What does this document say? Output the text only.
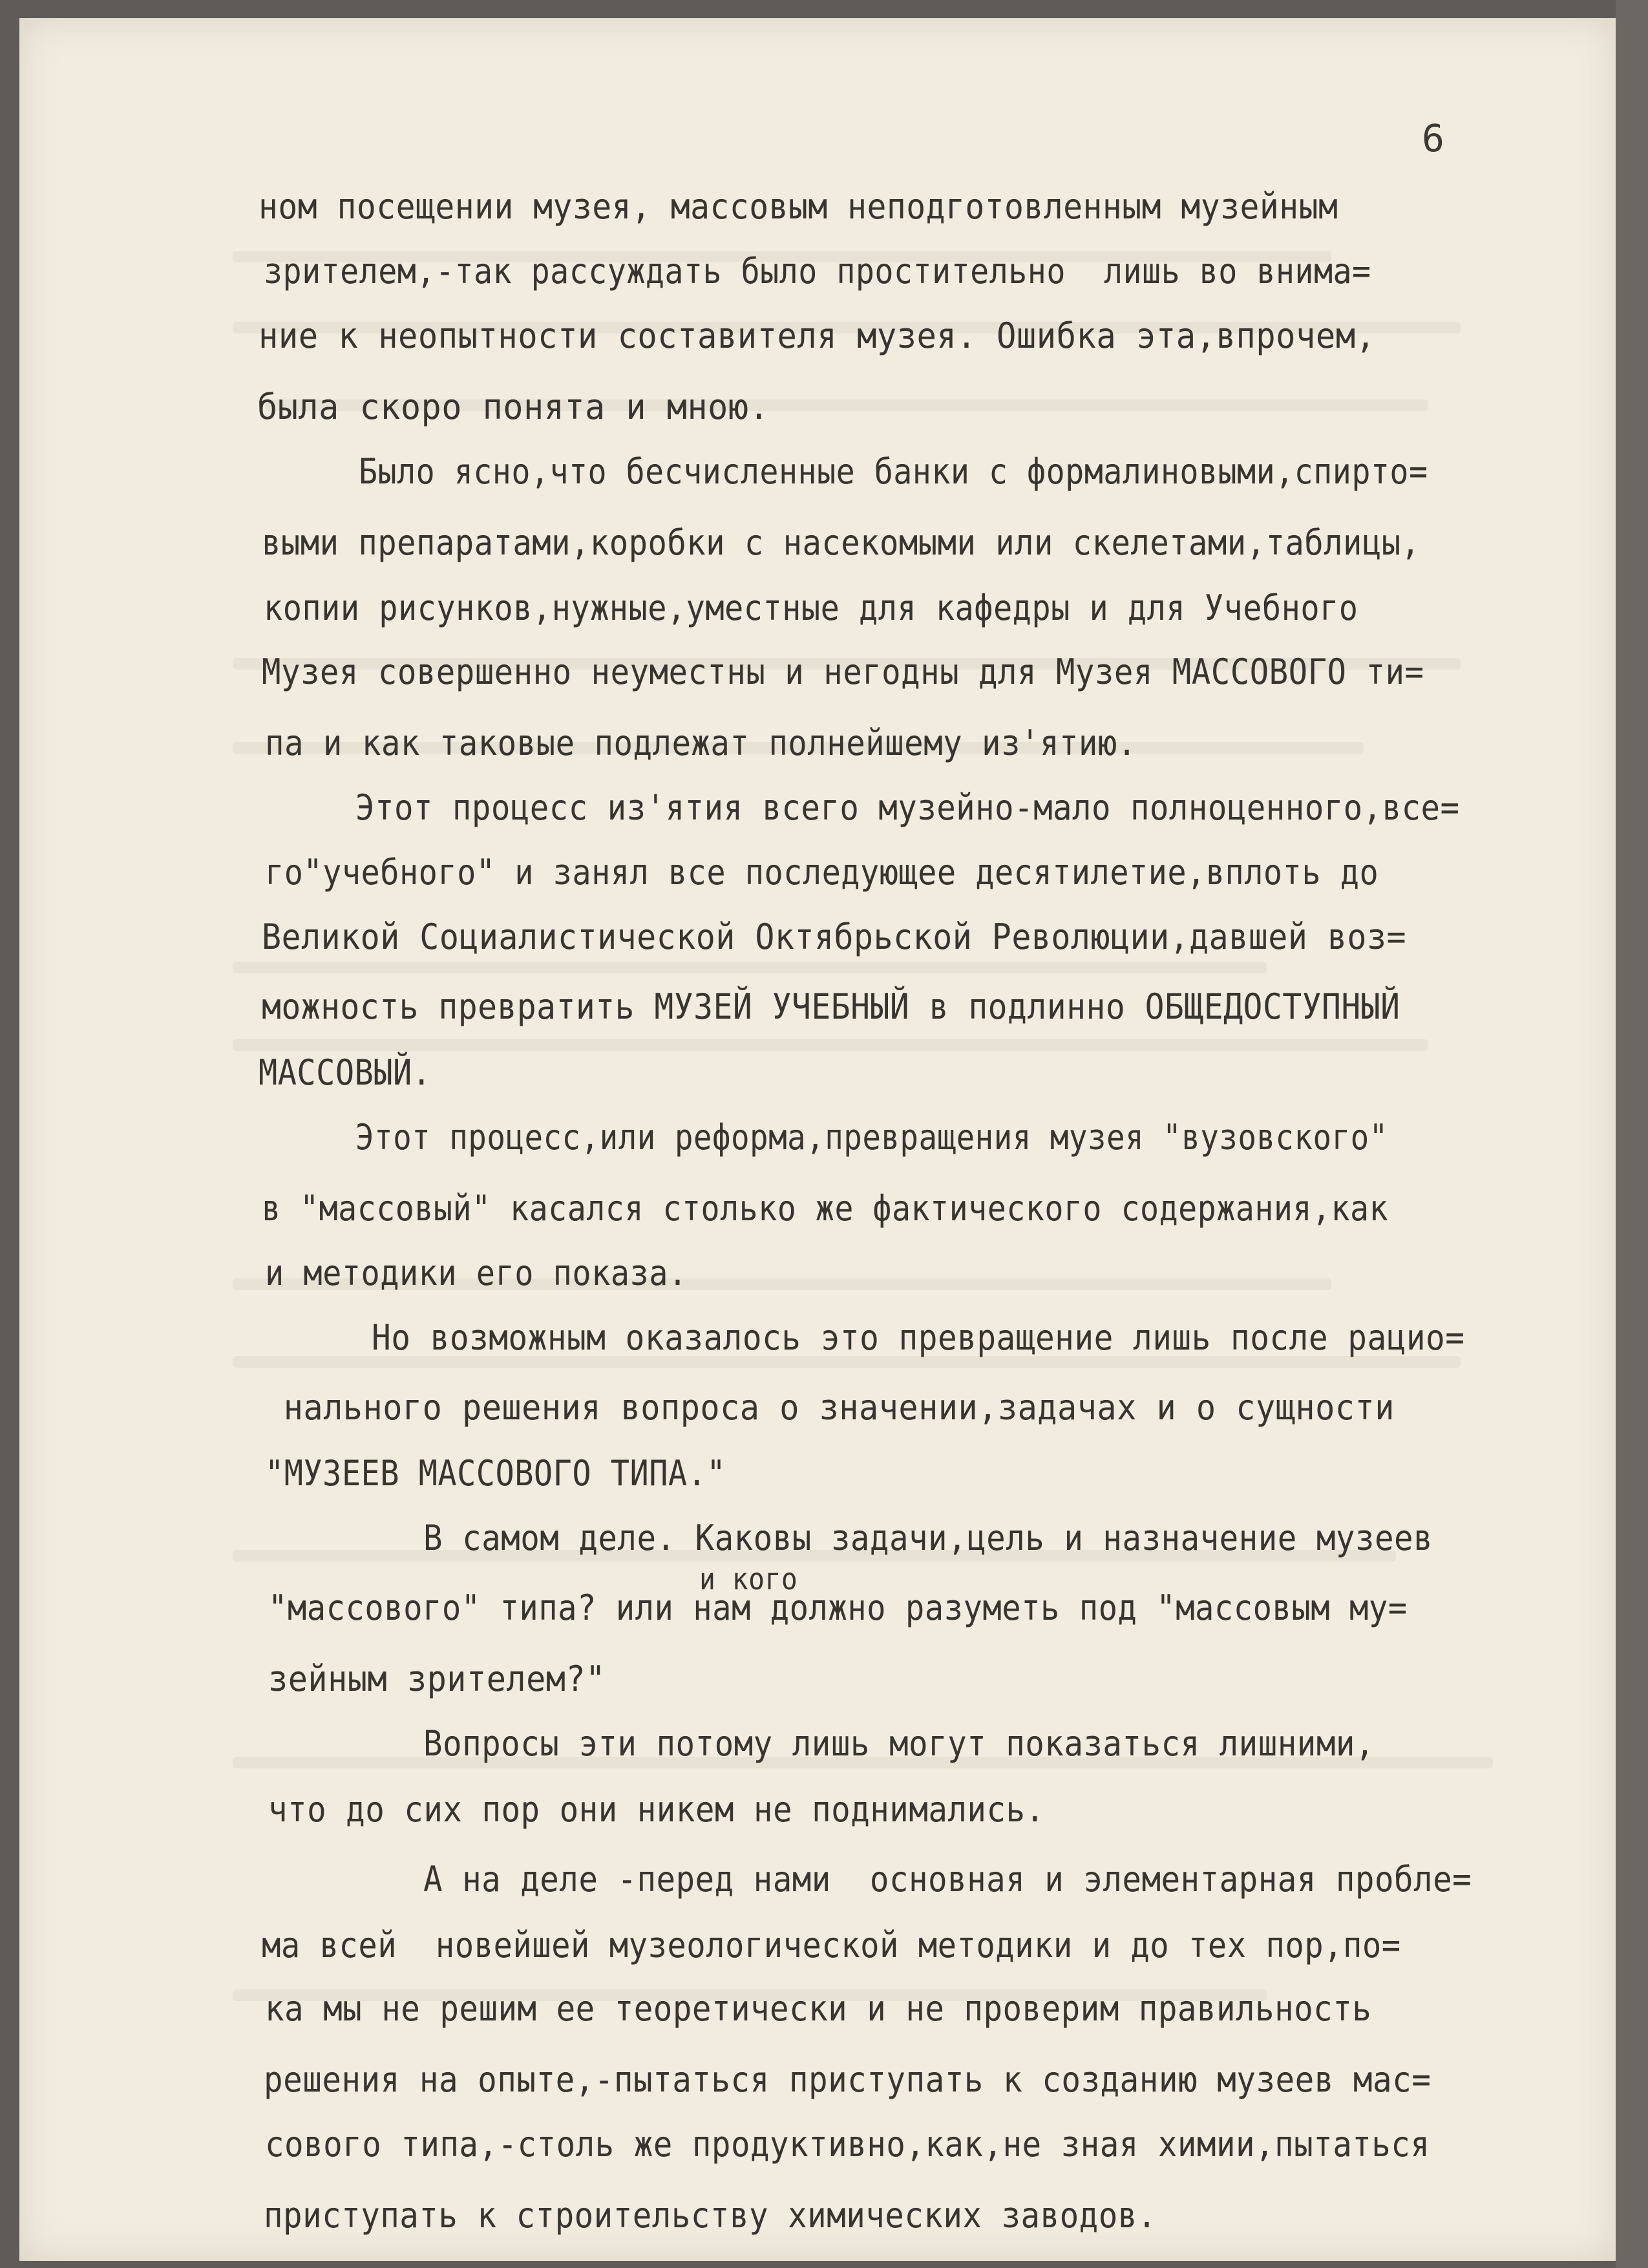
6
ном посещении музея, массовым неподготовленным музейным
зрителем,-так рассуждать было простительно  лишь во внима=
ние к неопытности составителя музея. Ошибка эта,впрочем,
была скоро понята и мною.
Было ясно,что бесчисленные банки с формалиновыми,спирто=
выми препаратами,коробки с насекомыми или скелетами,таблицы,
копии рисунков,нужные,уместные для кафедры и для Учебного
Музея совершенно неуместны и негодны для Музея МАССОВОГО ти=
па и как таковые подлежат полнейшему из'ятию.
Этот процесс из'ятия всего музейно-мало полноценного,все=
го"учебного" и занял все последующее десятилетие,вплоть до
Великой Социалистической Октябрьской Революции,давшей воз=
можность превратить МУЗЕЙ УЧЕБНЫЙ в подлинно ОБЩЕДОСТУПНЫЙ
МАССОВЫЙ.
Этот процесс,или реформа,превращения музея "вузовского"
в "массовый" касался столько же фактического содержания,как
и методики его показа.
Но возможным оказалось это превращение лишь после рацио=
нального решения вопроса о значении,задачах и о сущности
"МУЗЕЕВ МАССОВОГО ТИПА."
В самом деле. Каковы задачи,цель и назначение музеев
и кого
"массового" типа? или нам должно разуметь под "массовым му=
зейным зрителем?"
Вопросы эти потому лишь могут показаться лишними,
что до сих пор они никем не поднимались.
А на деле -перед нами  основная и элементарная пробле=
ма всей  новейшей музеологической методики и до тех пор,по=
ка мы не решим ее теоретически и не проверим правильность
решения на опыте,-пытаться приступать к созданию музеев мас=
сового типа,-столь же продуктивно,как,не зная химии,пытаться
приступать к строительству химических заводов.
